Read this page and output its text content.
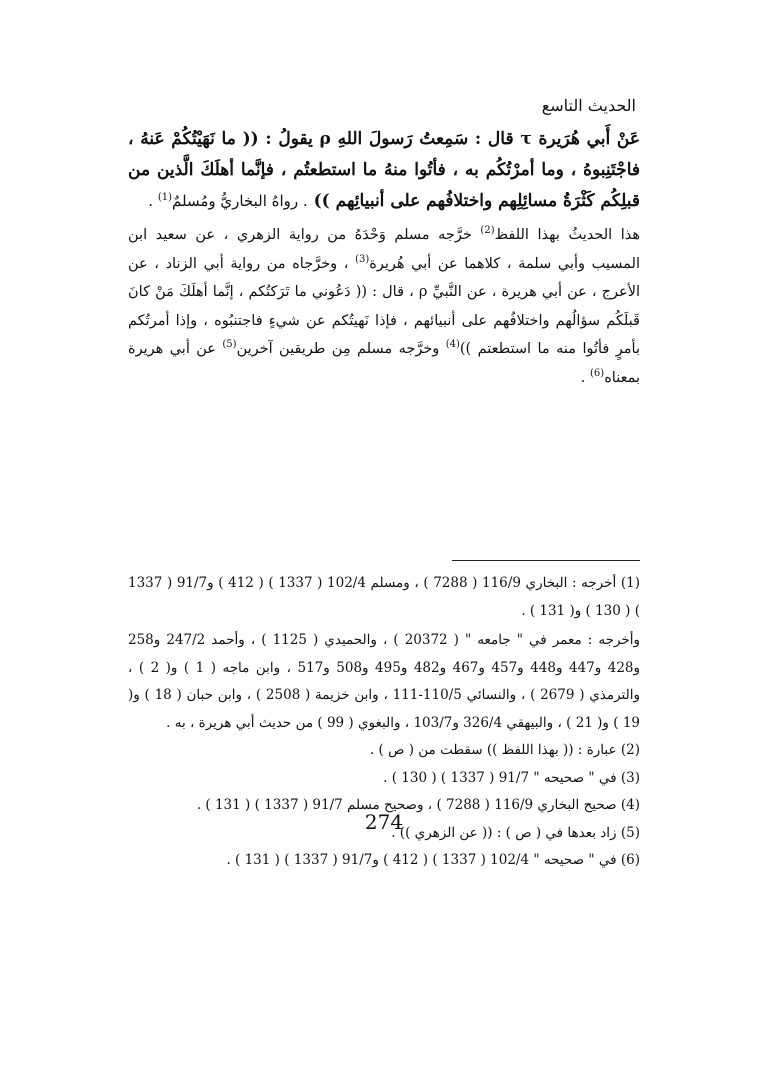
الحديث التاسع

عَنْ أَبي هُرَيرة τ قال : سَمِعتُ رَسولَ اللهِ ρ يقولُ : (( ما نَهَيْتُكُمْ عَنهُ ، فاجْتَنِبوهُ ، وما أمرْتُكُم به ، فأتُوا منهُ ما استطعتُم ، فإنَّما أهلَكَ الَّذين من قبلِكُم كَثْرَةُ مسائِلِهم واختلافُهم على أنبيائِهم )) . رواهُ البخاريُّ ومُسلمٌ$^{(1)}$ .

هذا الحديثُ بهذا اللفظ$^{(2)}$ خرَّجه مسلم وَحْدَهُ من رواية الزهري ، عن سعيد ابن المسيب وأبي سلمة ، كلاهما عن أبي هُريرة$^{(3)}$ ، وخرَّجاه من رواية أبي الزناد ، عن الأعرج ، عن أبي هريرة ، عن النَّبيِّ ρ ، قال : (( دَعُوني ما تَرَكتُكم ، إنَّما أهلَكَ مَنْ كانَ قَبلَكُم سؤالُهم واختلافُهم على أنبيائهم ، فإذا نَهيتُكم عن شيءٍ فاجتنبُوه ، وإذا أمرتُكم بأمرٍ فأتُوا منه ما استطعتم ))$^{(4)}$ وخرَّجه مسلم مِن طريقين آخرين$^{(5)}$ عن أبي هريرة بمعناه$^{(6)}$ .

(1) أخرجه : البخاري 116/9 ( 7288 ) ، ومسلم 102/4 ( 1337 ) ( 412 ) و91/7 ( 1337 ) ( 130 ) و( 131 ) .

وأخرجه : معمر في " جامعه " ( 20372 ) ، والحميدي ( 1125 ) ، وأحمد 247/2 و258 و428 و447 و448 و457 و467 و482 و495 و508 و517 ، وابن ماجه ( 1 ) و( 2 ) ، والترمذي ( 2679 ) ، والنسائي 110/5-111 ، وابن خزيمة ( 2508 ) ، وابن حبان ( 18 ) و( 19 ) و( 21 ) ، والبيهقي 326/4 و103/7 ، والبغوي ( 99 ) من حديث أبي هريرة ، به .

(2) عبارة : (( بهذا اللفظ )) سقطت من ( ص ) .

(3) في " صحيحه " 91/7 ( 1337 ) ( 130 ) .

(4) صحيح البخاري 116/9 ( 7288 ) ، وصحيح مسلم 91/7 ( 1337 ) ( 131 ) .

(5) زاد بعدها في ( ص ) : (( عن الزهري )) .

(6) في " صحيحه " 102/4 ( 1337 ) ( 412 ) و91/7 ( 1337 ) ( 131 ) .

274
